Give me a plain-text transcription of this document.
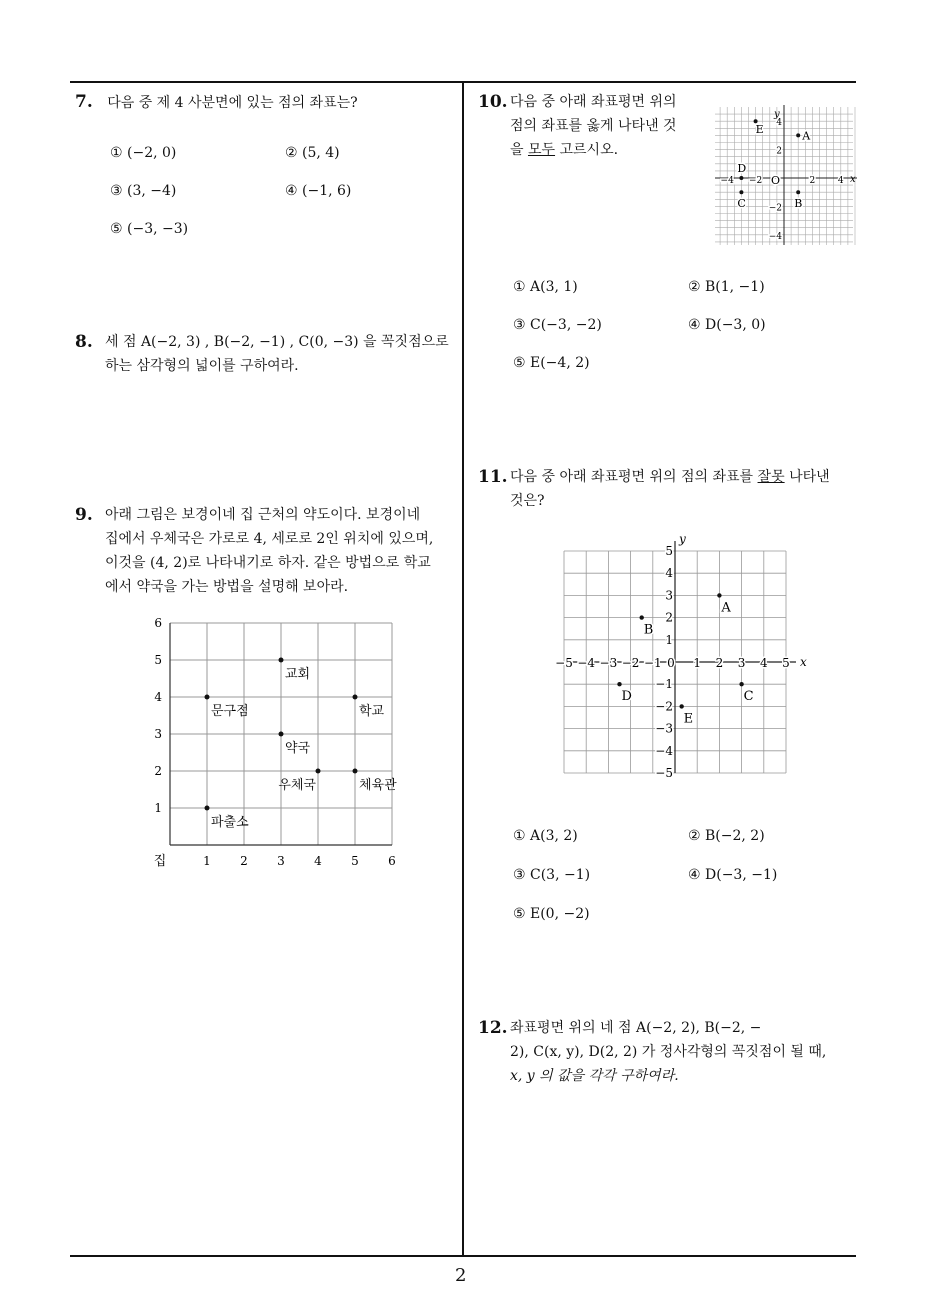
2
7. 다음 중 제 4 사분면에 있는 점의 좌표는?
① (−2, 0)	② (5, 4)
③ (3, −4)	④ (−1, 6)
⑤ (−3, −3)
8. 세 점 A(−2, 3) , B(−2, −1) , C(0, −3) 을 꼭짓점으로
하는 삼각형의 넓이를 구하여라.
9. 아래 그림은 보경이네 집 근처의 약도이다. 보경이네
집에서 우체국은 가로로 4, 세로로 2인 위치에 있으며,
이것을 (4, 2)로 나타내기로 하자. 같은 방법으로 학교
에서 약국을 가는 방법을 설명해 보아라.
집	1 2 3 4 5 6
1
2
3
4
5
6
교회
문구점	학교
약국
우체국	체육관
파출소
10. 다음 중 아래 좌표평면 위의
점의 좌표를 옳게 나타낸 것
을 모두 고르시오.
x
y
O
−4 −2	2	4
4
2
−2
−4
A
B
C
D
E
① A(3, 1)	② B(1, −1)
③ C(−3, −2)	④ D(−3, 0)
⑤ E(−4, 2)
11. 다음 중 아래 좌표평면 위의 점의 좌표를 잘못 나타낸
것은?
x
y
−5 −4 −3 −2 −1 0 1 2 3 4 5
5
4
3
2
1
−1
−2
−3
−4
−5
A
B
C
D
E
① A(3, 2)	② B(−2, 2)
③ C(3, −1)	④ D(−3, −1)
⑤ E(0, −2)
12. 좌표평면 위의 네 점 A(−2, 2), B(−2, −
2), C(x, y), D(2, 2) 가 정사각형의 꼭짓점이 될 때,
x, y 의 값을 각각 구하여라.
